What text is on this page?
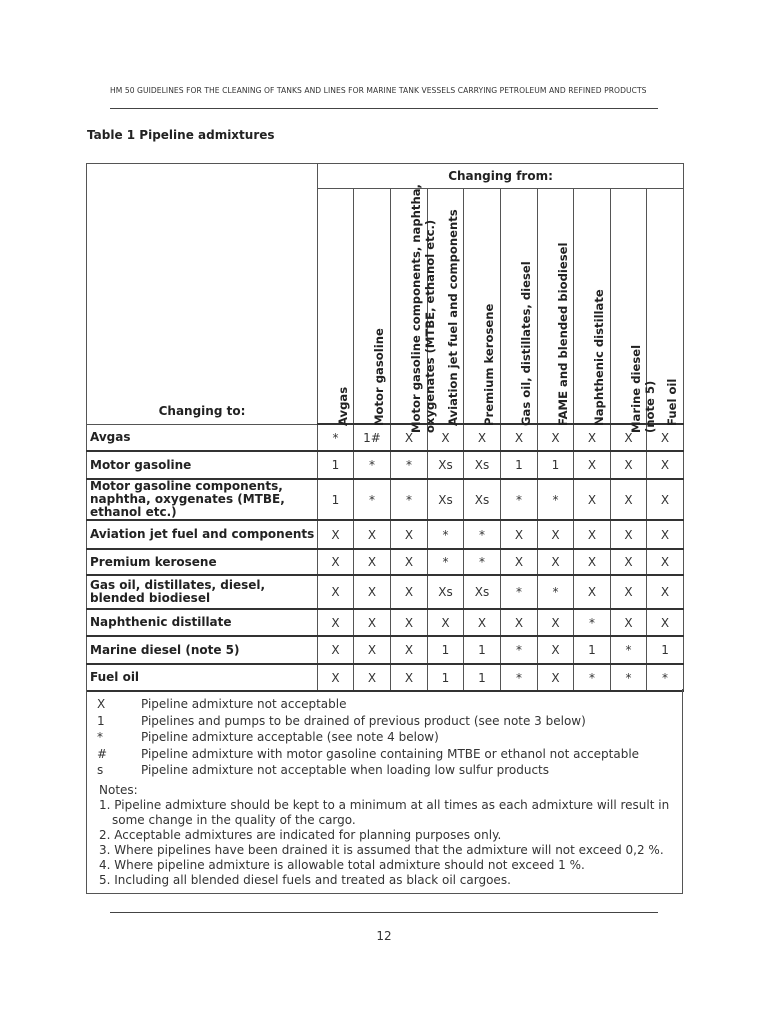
HM 50 GUIDELINES FOR THE CLEANING OF TANKS AND LINES FOR MARINE TANK VESSELS CARRYING PETROLEUM AND REFINED PRODUCTS
Table 1 Pipeline admixtures
Changing to:	Changing from:									

	Avgas	Motor gasoline	Motor gasoline components, naphtha,
oxygenates (MTBE, ethanol etc.)	Aviation jet fuel and components	Premium kerosene	Gas oil, distillates, diesel	FAME and blended biodiesel	Naphthenic distillate	Marine diesel
(note 5)	Fuel oil

Avgas	*	1#	X	X	X	X	X	X	X	X
Motor gasoline	1	*	*	Xs	Xs	1	1	X	X	X
Motor gasoline components, naphtha, oxygenates (MTBE, ethanol etc.)	1	*	*	Xs	Xs	*	*	X	X	X
Aviation jet fuel and components	X	X	X	*	*	X	X	X	X	X
Premium kerosene	X	X	X	*	*	X	X	X	X	X
Gas oil, distillates, diesel, blended biodiesel	X	X	X	Xs	Xs	*	*	X	X	X
Naphthenic distillate	X	X	X	X	X	X	X	*	X	X
Marine diesel (note 5)	X	X	X	1	1	*	X	1	*	1
Fuel oil	X	X	X	1	1	*	X	*	*	*
X	Pipeline admixture not acceptable
1	Pipelines and pumps to be drained of previous product (see note 3 below)
*	Pipeline admixture acceptable (see note 4 below)
#	Pipeline admixture with motor gasoline containing MTBE or ethanol not acceptable
s	Pipeline admixture not acceptable when loading low sulfur products
Notes:
1. Pipeline admixture should be kept to a minimum at all times as each admixture will result in some change in the quality of the cargo.
2. Acceptable admixtures are indicated for planning purposes only.
3. Where pipelines have been drained it is assumed that the admixture will not exceed 0,2 %.
4. Where pipeline admixture is allowable total admixture should not exceed 1 %.
5. Including all blended diesel fuels and treated as black oil cargoes.
12
